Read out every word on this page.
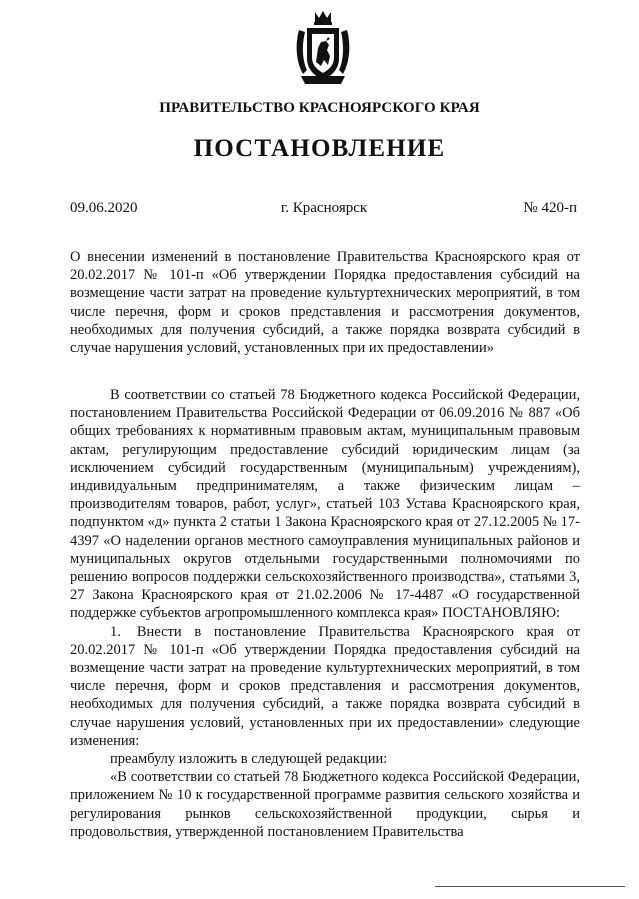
ПРАВИТЕЛЬСТВО КРАСНОЯРСКОГО КРАЯ
ПОСТАНОВЛЕНИЕ
09.06.2020	г. Красноярск	№ 420-п

О внесении изменений в постановление Правительства Красноярского края от 20.02.2017 № 101-п «Об утверждении Порядка предоставления субсидий на возмещение части затрат на проведение культуртехнических мероприятий, в том числе перечня, форм и сроков представления и рассмотрения документов, необходимых для получения субсидий, а также порядка возврата субсидий в случае нарушения условий, установленных при их предоставлении»

В соответствии со статьей 78 Бюджетного кодекса Российской Федерации, постановлением Правительства Российской Федерации от 06.09.2016 № 887 «Об общих требованиях к нормативным правовым актам, муниципальным правовым актам, регулирующим предоставление субсидий юридическим лицам (за исключением субсидий государственным (муниципальным) учреждениям), индивидуальным предпринимателям, а также физическим лицам – производителям товаров, работ, услуг», статьей 103 Устава Красноярского края, подпунктом «д» пункта 2 статьи 1 Закона Красноярского края от 27.12.2005 № 17-4397 «О наделении органов местного самоуправления муниципальных районов и муниципальных округов отдельными государственными полномочиями по решению вопросов поддержки сельскохозяйственного производства», статьями 3, 27 Закона Красноярского края от 21.02.2006 № 17-4487 «О государственной поддержке субъектов агропромышленного комплекса края» ПОСТАНОВЛЯЮ:

1. Внести в постановление Правительства Красноярского края от 20.02.2017 № 101-п «Об утверждении Порядка предоставления субсидий на возмещение части затрат на проведение культуртехнических мероприятий, в том числе перечня, форм и сроков представления и рассмотрения документов, необходимых для получения субсидий, а также порядка возврата субсидий в случае нарушения условий, установленных при их предоставлении» следующие изменения:

преамбулу изложить в следующей редакции:

«В соответствии со статьей 78 Бюджетного кодекса Российской Федерации, приложением № 10 к государственной программе развития сельского хозяйства и регулирования рынков сельскохозяйственной продукции, сырья и продовольствия, утвержденной постановлением Правительства
